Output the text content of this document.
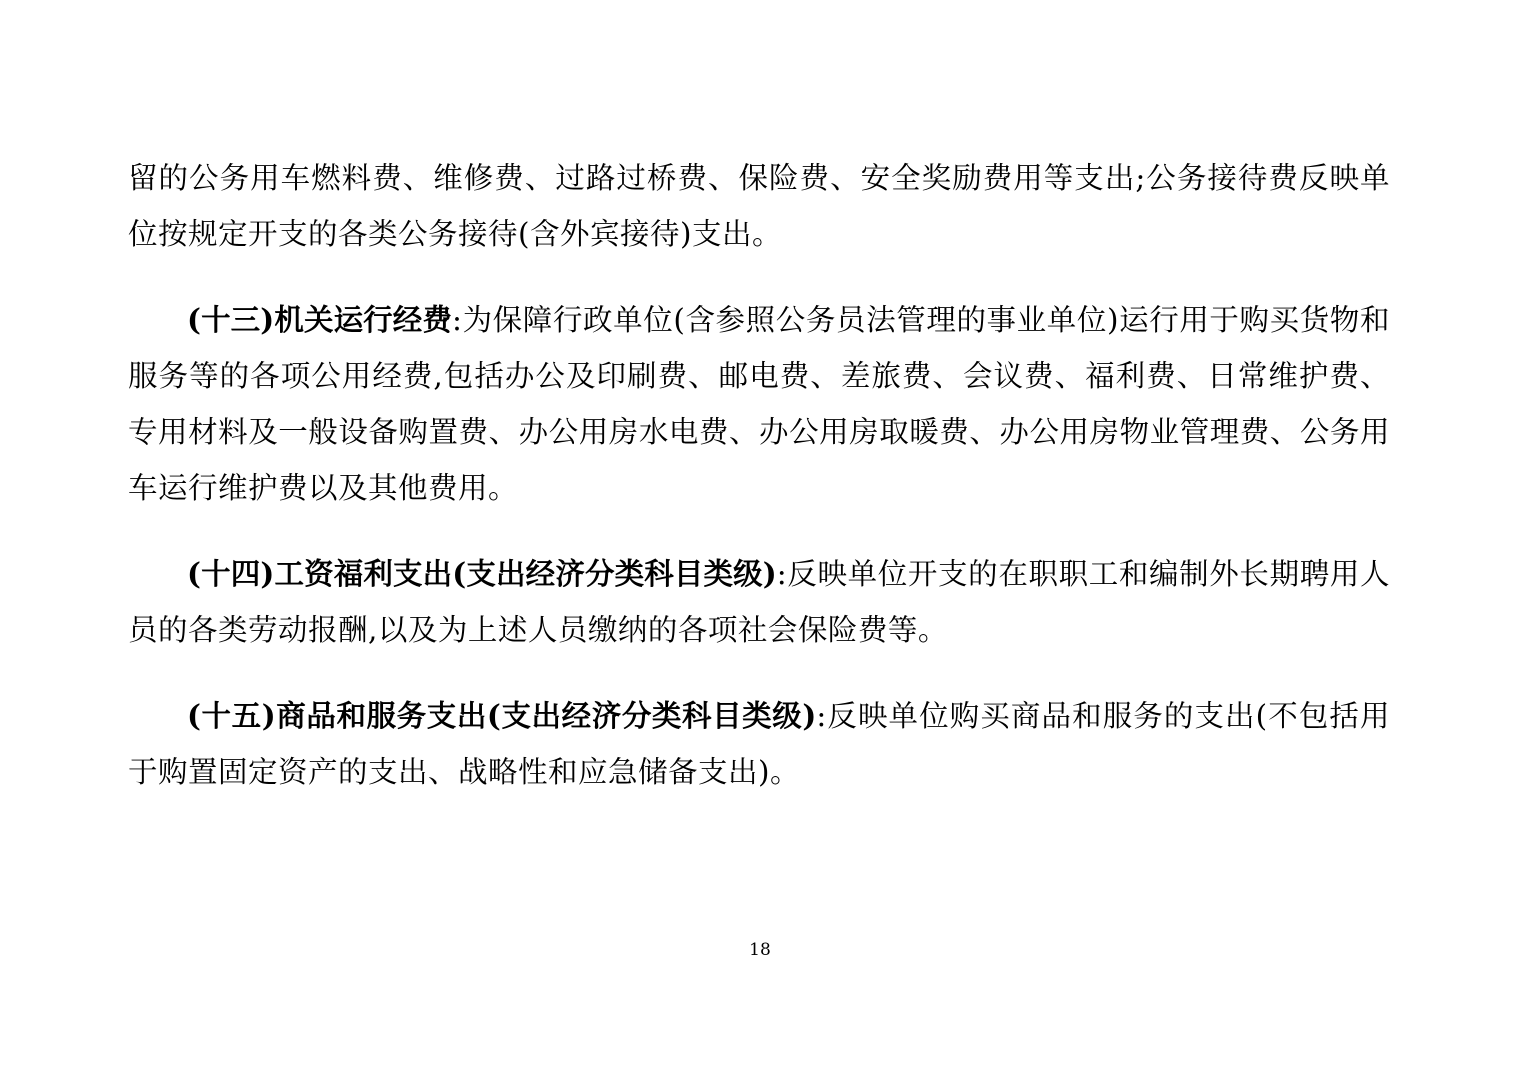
留的公务用车燃料费、维修费、过路过桥费、保险费、安全奖励费用等支出;公务接待费反映单位按规定开支的各类公务接待(含外宾接待)支出。

(十三)机关运行经费:为保障行政单位(含参照公务员法管理的事业单位)运行用于购买货物和服务等的各项公用经费,包括办公及印刷费、邮电费、差旅费、会议费、福利费、日常维护费、专用材料及一般设备购置费、办公用房水电费、办公用房取暖费、办公用房物业管理费、公务用车运行维护费以及其他费用。

(十四)工资福利支出(支出经济分类科目类级):反映单位开支的在职职工和编制外长期聘用人员的各类劳动报酬,以及为上述人员缴纳的各项社会保险费等。

(十五)商品和服务支出(支出经济分类科目类级):反映单位购买商品和服务的支出(不包括用于购置固定资产的支出、战略性和应急储备支出)。

18
